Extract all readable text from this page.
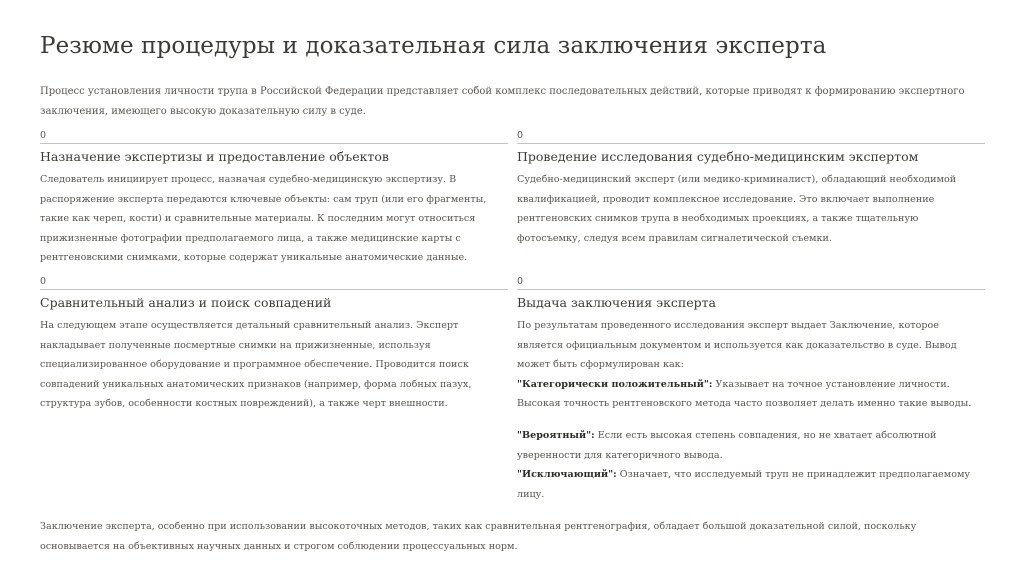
Резюме процедуры и доказательная сила заключения эксперта

Процесс установления личности трупа в Российской Федерации представляет собой комплекс последовательных действий, которые приводят к формированию экспертного заключения, имеющего высокую доказательную силу в суде.

0
Назначение экспертизы и предоставление объектов

Следователь инициирует процесс, назначая судебно-медицинскую экспертизу. В распоряжение эксперта передаются ключевые объекты: сам труп (или его фрагменты, такие как череп, кости) и сравнительные материалы. К последним могут относиться прижизненные фотографии предполагаемого лица, а также медицинские карты с рентгеновскими снимками, которые содержат уникальные анатомические данные.

0
Проведение исследования судебно-медицинским экспертом

Судебно-медицинский эксперт (или медико-криминалист), обладающий необходимой квалификацией, проводит комплексное исследование. Это включает выполнение рентгеновских снимков трупа в необходимых проекциях, а также тщательную фотосъемку, следуя всем правилам сигналетической съемки.

0
Сравнительный анализ и поиск совпадений

На следующем этапе осуществляется детальный сравнительный анализ. Эксперт накладывает полученные посмертные снимки на прижизненные, используя специализированное оборудование и программное обеспечение. Проводится поиск совпадений уникальных анатомических признаков (например, форма лобных пазух, структура зубов, особенности костных повреждений), а также черт внешности.

0
Выдача заключения эксперта

По результатам проведенного исследования эксперт выдает Заключение, которое является официальным документом и используется как доказательство в суде. Вывод может быть сформулирован как:

"Категорически положительный": Указывает на точное установление личности. Высокая точность рентгеновского метода часто позволяет делать именно такие выводы.

"Вероятный": Если есть высокая степень совпадения, но не хватает абсолютной уверенности для категоричного вывода.

"Исключающий": Означает, что исследуемый труп не принадлежит предполагаемому лицу.

Заключение эксперта, особенно при использовании высокоточных методов, таких как сравнительная рентгенография, обладает большой доказательной силой, поскольку основывается на объективных научных данных и строгом соблюдении процессуальных норм.
